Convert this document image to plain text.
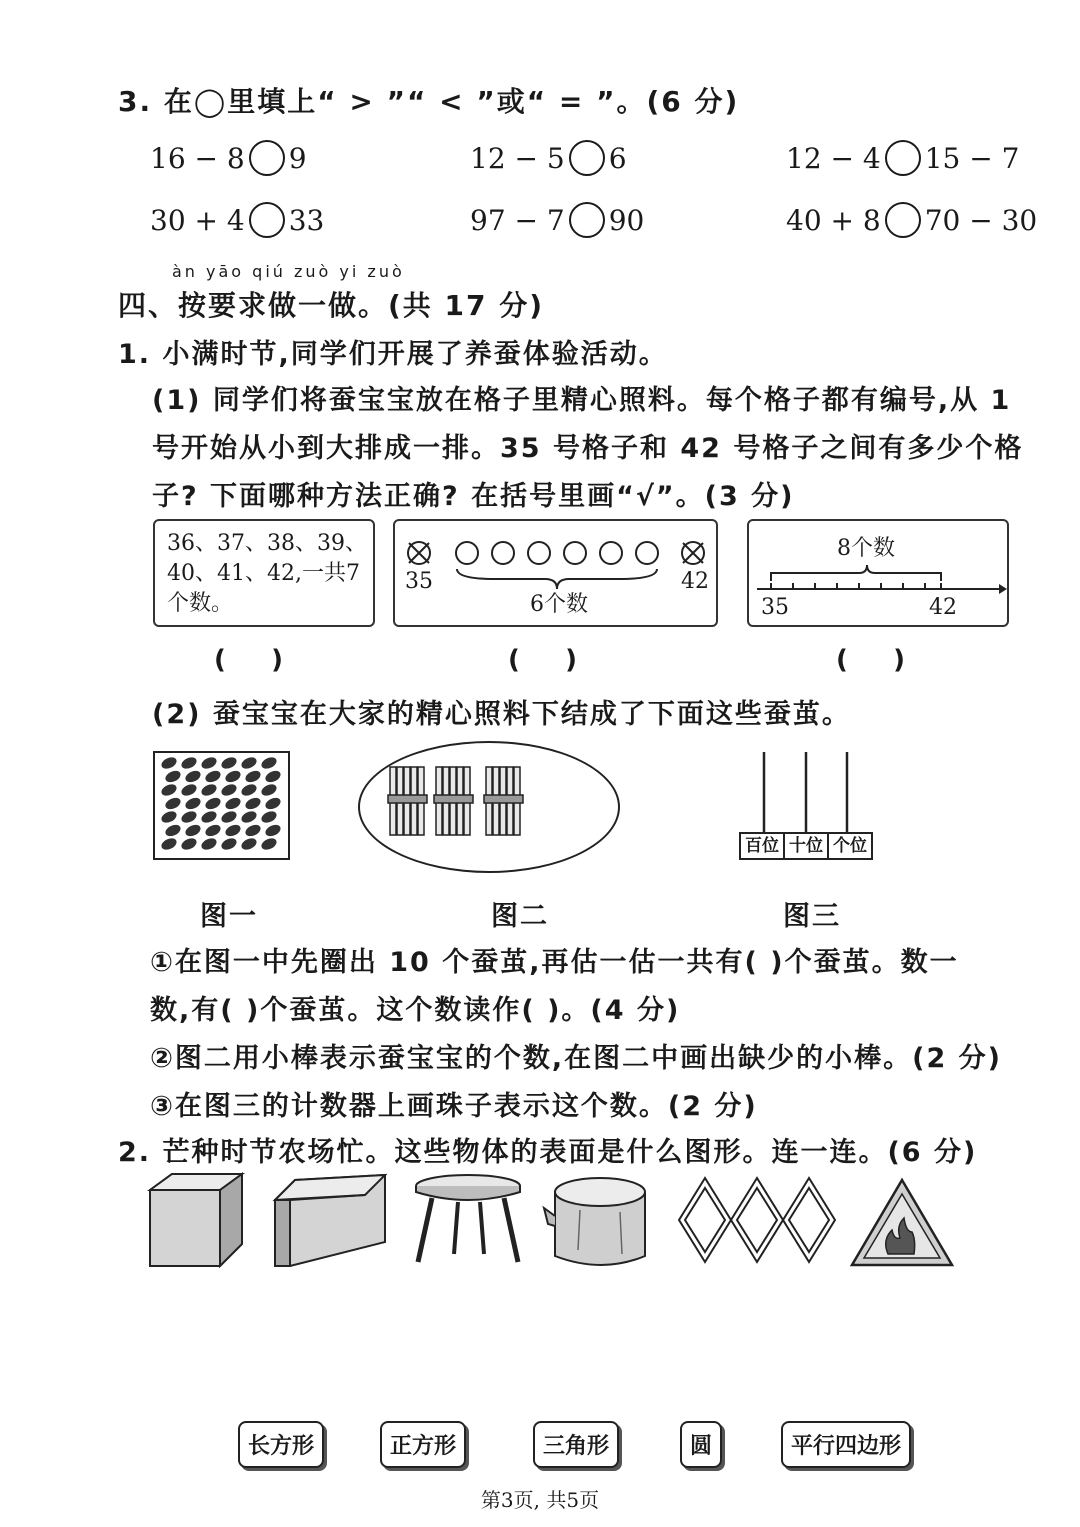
3. 在◯里填上“ > ”“ < ”或“ = ”。(6 分)
16 − 8 9	12 − 5 6	12 − 4 15 − 7
30 + 4 33	97 − 7 90	40 + 8 70 − 30
àn yāo qiú zuò yi zuò
四、按要求做一做。(共 17 分)
1. 小满时节,同学们开展了养蚕体验活动。
(1) 同学们将蚕宝宝放在格子里精心照料。每个格子都有编号,从 1
号开始从小到大排成一排。35 号格子和 42 号格子之间有多少个格
子? 下面哪种方法正确? 在括号里画“√”。(3 分)
36、37、38、39、40、41、42,一共7个数。
35	42
6个数
8个数
35	42
(     )	(     )	(     )
(2) 蚕宝宝在大家的精心照料下结成了下面这些蚕茧。
百位 十位 个位
图一	图二	图三
①在图一中先圈出 10 个蚕茧,再估一估一共有( )个蚕茧。数一
数,有( )个蚕茧。这个数读作( )。(4 分)
②图二用小棒表示蚕宝宝的个数,在图二中画出缺少的小棒。(2 分)
③在图三的计数器上画珠子表示这个数。(2 分)
2. 芒种时节农场忙。这些物体的表面是什么图形。连一连。(6 分)
长方形	正方形	三角形	圆	平行四边形
第3页, 共5页
